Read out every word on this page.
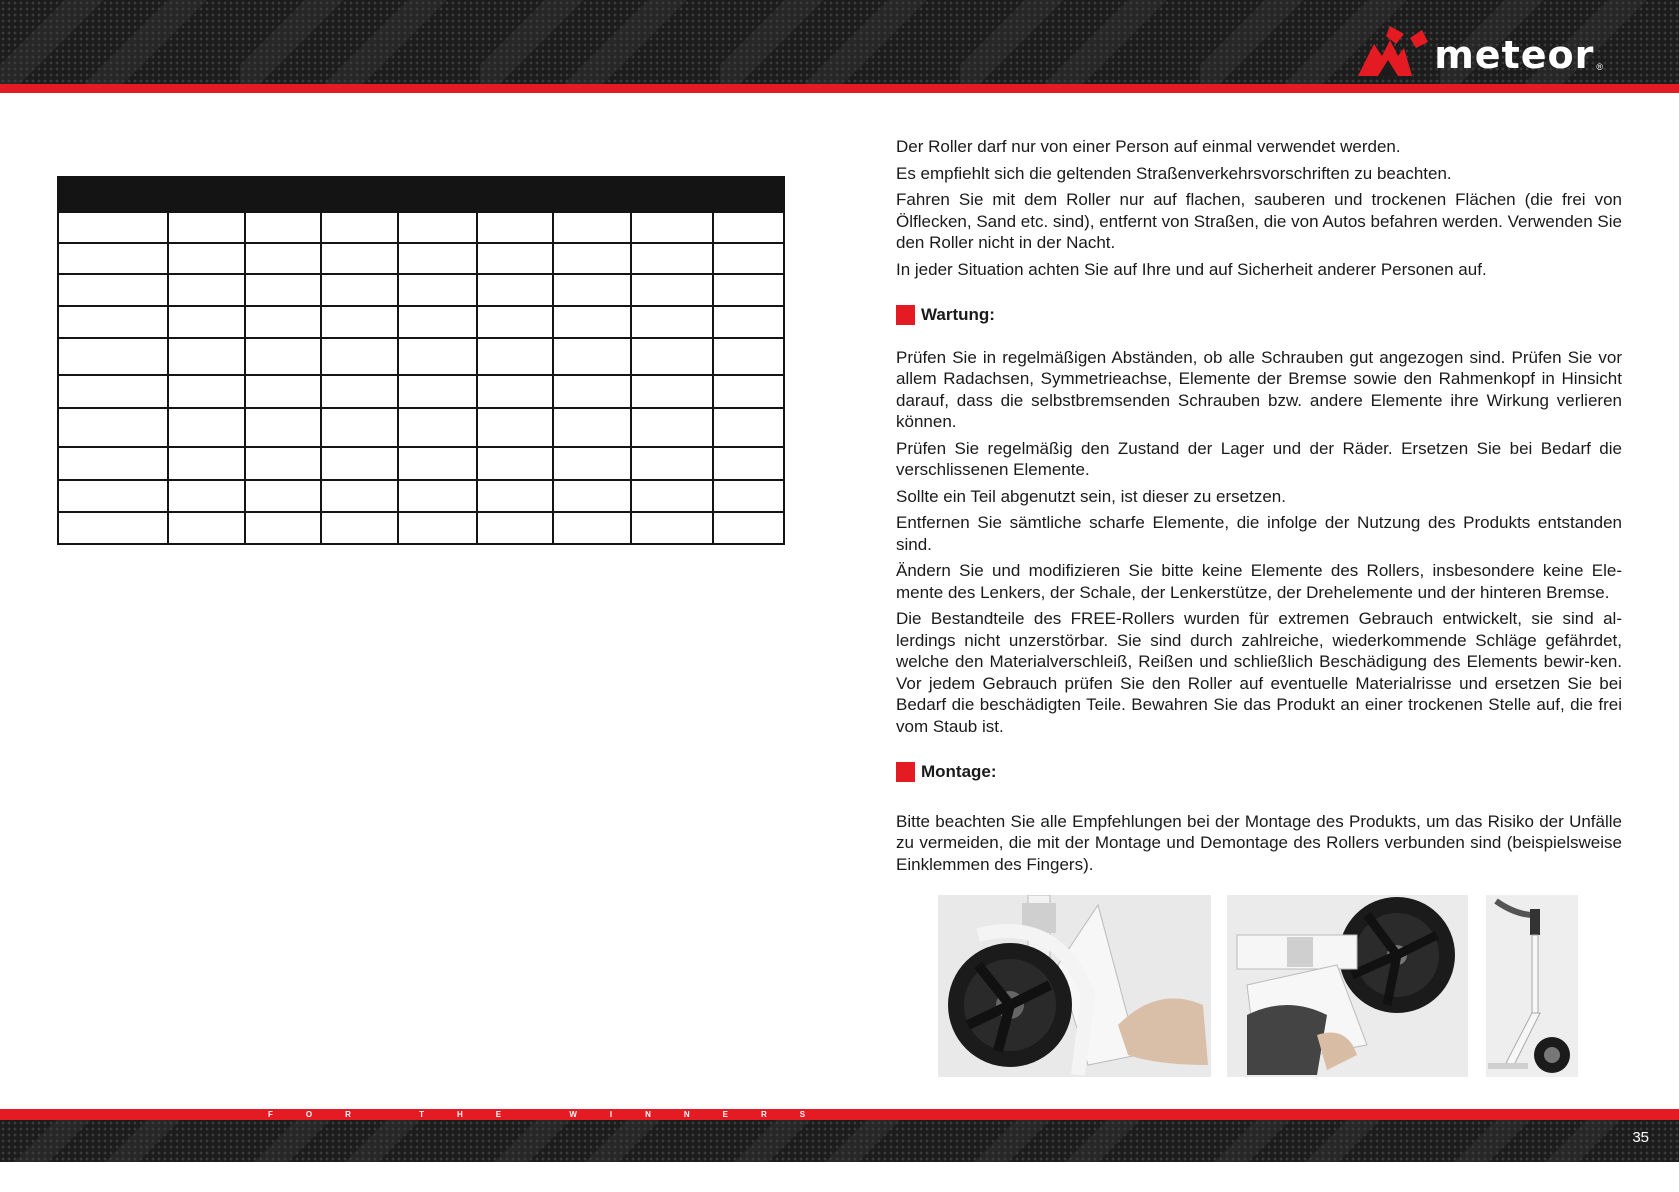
meteor ®

Der Roller darf nur von einer Person auf einmal verwendet werden.

Es empfiehlt sich die geltenden Straßenverkehrsvorschriften zu beachten.

Fahren Sie mit dem Roller nur auf flachen, sauberen und trockenen Flächen (die frei von Ölflecken, Sand etc. sind), entfernt von Straßen, die von Autos befahren werden. Verwenden Sie den Roller nicht in der Nacht.

In jeder Situation achten Sie auf Ihre und auf Sicherheit anderer Personen auf.

Wartung:

Prüfen Sie in regelmäßigen Abständen, ob alle Schrauben gut angezogen sind. Prüfen Sie vor allem Radachsen, Symmetrieachse, Elemente der Bremse sowie den Rahmenkopf in Hinsicht darauf, dass die selbstbremsenden Schrauben bzw. andere Elemente ihre Wirkung verlieren können.

Prüfen Sie regelmäßig den Zustand der Lager und der Räder. Ersetzen Sie bei Bedarf die verschlissenen Elemente.

Sollte ein Teil abgenutzt sein, ist dieser zu ersetzen.

Entfernen Sie sämtliche scharfe Elemente, die infolge der Nutzung des Produkts entstanden sind.

Ändern Sie und modifizieren Sie bitte keine Elemente des Rollers, insbesondere keine Ele-mente des Lenkers, der Schale, der Lenkerstütze, der Drehelemente und der hinteren Bremse.

Die Bestandteile des FREE-Rollers wurden für extremen Gebrauch entwickelt, sie sind al-lerdings nicht unzerstörbar. Sie sind durch zahlreiche, wiederkommende Schläge gefährdet, welche den Materialverschleiß, Reißen und schließlich Beschädigung des Elements bewir-ken. Vor jedem Gebrauch prüfen Sie den Roller auf eventuelle Materialrisse und ersetzen Sie bei Bedarf die beschädigten Teile. Bewahren Sie das Produkt an einer trockenen Stelle auf, die frei vom Staub ist.

Montage:

Bitte beachten Sie alle Empfehlungen bei der Montage des Produkts, um das Risiko der Unfälle zu vermeiden, die mit der Montage und Demontage des Rollers verbunden sind (beispielsweise Einklemmen des Fingers).

FOR THE WINNERS
35
